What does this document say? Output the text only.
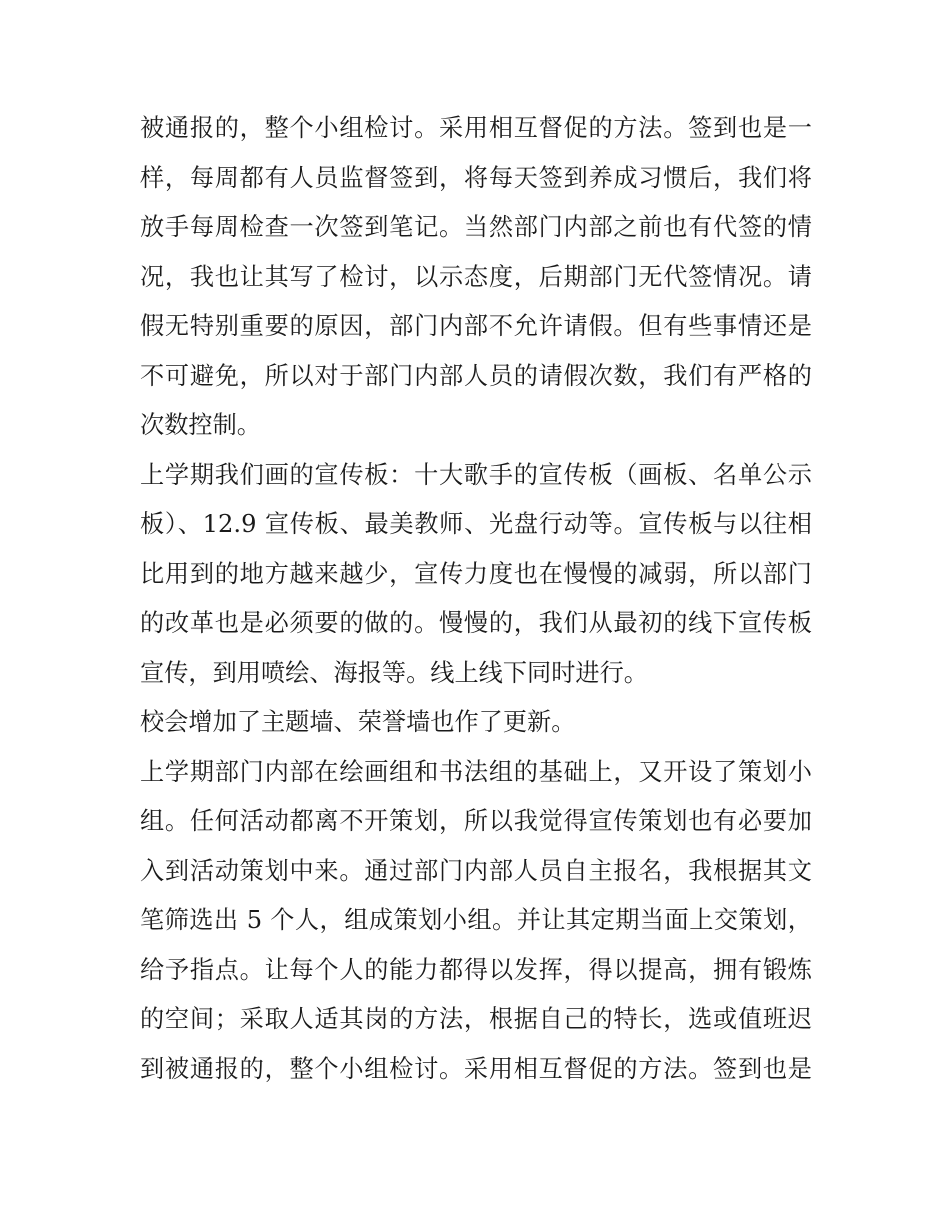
被通报的，整个小组检讨。采用相互督促的方法。签到也是一
样，每周都有人员监督签到，将每天签到养成习惯后，我们将
放手每周检查一次签到笔记。当然部门内部之前也有代签的情
况，我也让其写了检讨，以示态度，后期部门无代签情况。请
假无特别重要的原因，部门内部不允许请假。但有些事情还是
不可避免，所以对于部门内部人员的请假次数，我们有严格的
次数控制。
上学期我们画的宣传板：十大歌手的宣传板（画板、名单公示
板）、12.9 宣传板、最美教师、光盘行动等。宣传板与以往相
比用到的地方越来越少，宣传力度也在慢慢的减弱，所以部门
的改革也是必须要的做的。慢慢的，我们从最初的线下宣传板
宣传，到用喷绘、海报等。线上线下同时进行。
校会增加了主题墙、荣誉墙也作了更新。
上学期部门内部在绘画组和书法组的基础上，又开设了策划小
组。任何活动都离不开策划，所以我觉得宣传策划也有必要加
入到活动策划中来。通过部门内部人员自主报名，我根据其文
笔筛选出 5 个人，组成策划小组。并让其定期当面上交策划，
给予指点。让每个人的能力都得以发挥，得以提高，拥有锻炼
的空间；采取人适其岗的方法，根据自己的特长，选或值班迟
到被通报的，整个小组检讨。采用相互督促的方法。签到也是
